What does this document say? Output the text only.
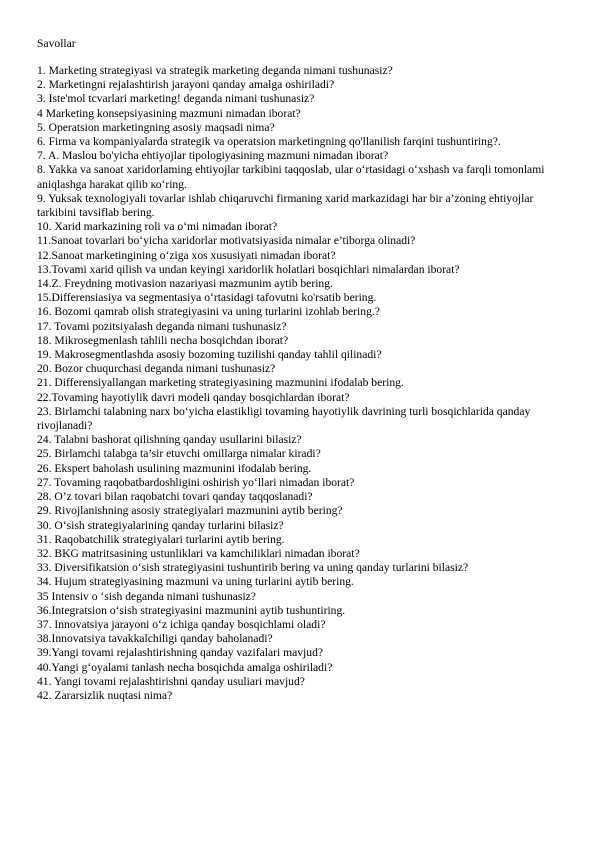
Savollar
1. Marketing strategiyasi va strategik marketing deganda nimani tushunasiz?
2. Marketingni rejalashtirish jarayoni qanday amalga oshiriladi?
3. Iste'mol tcvarlari marketing! deganda nimani tushunasiz?
4 Marketing konsepsiyasining mazmuni nimadan iborat?
5. Operatsion marketingning asosiy maqsadi nima?
6. Firma va kompaniyalarda strategik va operatsion marketingning qo'llanilish farqini tushuntiring?.
7. A. Maslou bo'yicha ehtiyojlar tipologiyasining mazmuni nimadan iborat?
8. Yakka va sanoat xaridorlaming ehtiyojlar tarkibini taqqoslab, ular o‘rtasidagi o‘xshash va farqli tomonlami aniqlashga harakat qilib ко‘ring.
9. Yuksak texnologiyali tovarlar ishlab chiqaruvchi firmaning xarid markazidagi har bir a’zoning ehtiyojlar tarkibini tavsiflab bering.
10. Xarid markazining roli va o‘mi nimadan iborat?
11.Sanoat tovarlari bo‘yicha xaridorlar motivatsiyasida nimalar e’tiborga olinadi?
12.Sanoat marketingining o‘ziga xos xususiyati nimadan iborat?
13.Tovami xarid qilish va undan keyingi xaridorlik holatlari bosqichlari nimalardan iborat?
14.Z. Freydning motivasion nazariyasi mazmunim aytib bering.
15.Differensiasiya va segmentasiya o‘rtasidagi tafovutni ko'rsatib bering.
16. Bozomi qamrab olish strategiyasini va uning turlarini izohlab bering.?
17. Tovami pozitsiyalash deganda nimani tushunasiz?
18. Mikrosegmenlash tahlili necha bosqichdan iborat?
19. Makrosegmentlashda asosiy bozoming tuzilishi qanday tahlil qilinadi?
20. Bozor chuqurchasi deganda nimani tushunasiz?
21. Differensiyallangan marketing strategiyasining mazmunini ifodalab bering.
22.Tovaming hayotiylik davri modeli qanday bosqichlardan iborat?
23. Birlamchi talabning narx bo‘yicha elastikligi tovaming hayotiylik davrining turli bosqichlarida qanday rivojlanadi?
24. Talabni bashorat qilishning qanday usullarini bilasiz?
25. Birlamchi talabga ta’sir etuvchi omillarga nimalar kiradi?
26. Ekspert baholash usulining mazmunini ifodalab bering.
27. Tovaming raqobatbardoshligini oshirish yo‘llari nimadan iborat?
28. O’z tovari bilan raqobatchi tovari qanday taqqoslanadi?
29. Rivojlanishning asosiy strategiyalari mazmunini aytib bering?
30. O‘sish strategiyalarining qanday turlarini bilasiz?
31. Raqobatchilik strategiyalari turlarini aytib bering.
32. BKG matritsasining ustunliklari va kamchiliklari nimadan iborat?
33. Diversifikatsion o‘sish strategiyasini tushuntirib bering va uning qanday turlarini bilasiz?
34. Hujum strategiyasining mazmuni va uning turlarini aytib bering.
35 Intensiv o ‘sish deganda nimani tushunasiz?
36.Integratsion o‘sish strategiyasini mazmunini aytib tushuntiring.
37. Innovatsiya jarayoni o‘z ichiga qanday bosqichlami oladi?
38.Innovatsiya tavakkalchiligi qanday baholanadi?
39.Yangi tovami rejalashtirishning qanday vazifalari mavjud?
40.Yangi g‘oyalami tanlash necha bosqichda amalga oshiriladi?
41. Yangi tovami rejalashtirishni qanday usuliari mavjud?
42. Zararsizlik nuqtasi nima?
